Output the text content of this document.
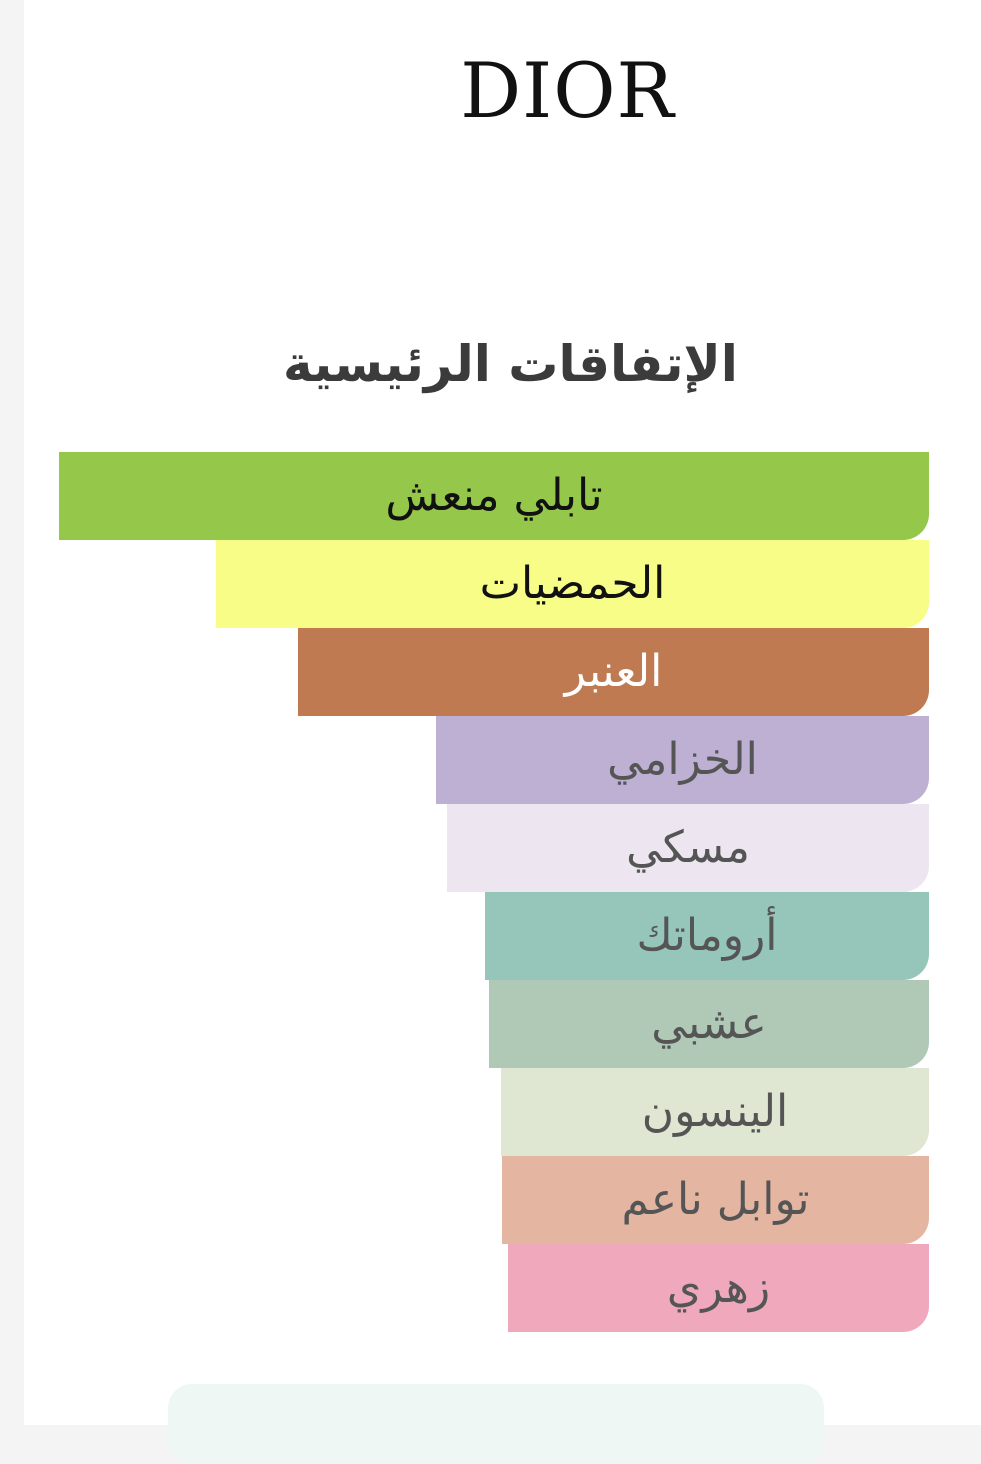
DIOR
الإتفاقات الرئيسية
تابلي منعش
الحمضيات
العنبر
الخزامي
مسكي
أروماتك
عشبي
الينسون
توابل ناعم
زهري
